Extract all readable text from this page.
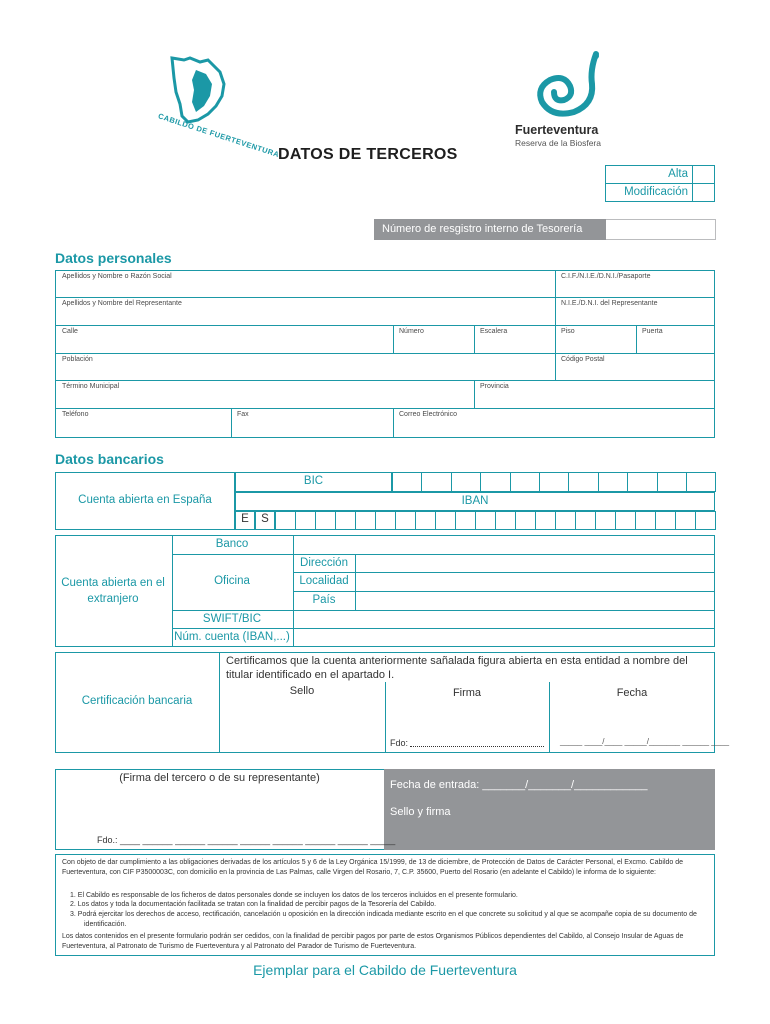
CABILDO DE FUERTEVENTURA	Fuerteventura
Reserva de la Biosfera
DATOS DE TERCEROS
Alta
Modificación
Número de resgistro interno de Tesorería
Datos personales
Apellidos y Nombre o Razón Social	C.I.F./N.I.E./D.N.I./Pasaporte
Apellidos y Nombre del Representante	N.I.E./D.N.I. del Representante
Calle	Número	Escalera	Piso	Puerta
Población	Código Postal
Término Municipal	Provincia
Teléfono	Fax	Correo Electrónico
Datos bancarios
Cuenta abierta en España
BIC
IBAN
E	S
Cuenta abierta en el extranjero
Banco
Oficina
Dirección
Localidad
País
SWIFT/BIC
Núm. cuenta (IBAN,...)
Certificación bancaria
Certificamos que la cuenta anteriormente sañalada figura abierta en esta entidad a nombre del titular identificado en el apartado I.
Sello	Firma	Fecha
Fdo:	_____ ____/____ _____/_______ ______ ____
(Firma del tercero o de su representante)
Fecha de entrada: _______/_______/____________
Sello y firma
Fdo.: ____ ______ ______ ______ ______ ______ ______ ______ _____
Con objeto de dar cumplimiento a las obligaciones derivadas de los artículos 5 y 6 de la Ley Orgánica 15/1999, de 13 de diciembre, de Protección de Datos de Carácter Personal, el Excmo. Cabildo de Fuerteventura, con CIF P3500003C, con domicilio en la provincia de Las Palmas, calle Virgen del Rosario, 7, C.P. 35600, Puerto del Rosario (en adelante el Cabildo) le informa de lo siguiente:
1. El Cabildo es responsable de los ficheros de datos personales donde se incluyen los datos de los terceros incluidos en el presente formulario.
2. Los datos y toda la documentación facilitada se tratan con la finalidad de percibir pagos de la Tesorería del Cabildo.
3. Podrá ejercitar los derechos de acceso, rectificación, cancelación u oposición en la dirección indicada mediante escrito en el que concrete su solicitud y al que se acompañe copia de su documento de identificación.
Los datos contenidos en el presente formulario podrán ser cedidos, con la finalidad de percibir pagos por parte de estos Organismos Públicos dependientes del Cabildo, al Consejo Insular de Aguas de Fuerteventura, al Patronato de Turismo de Fuerteventura y al Patronato del Parador de Turismo de Fuerteventura.
Ejemplar para el Cabildo de Fuerteventura
